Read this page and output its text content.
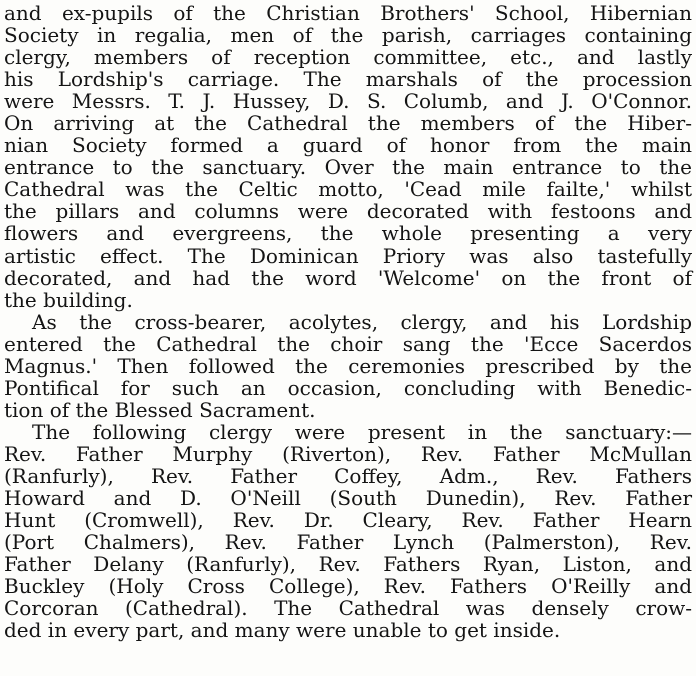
and ex-pupils of the Christian Brothers' School, Hibernian
Society in regalia, men of the parish, carriages containing
clergy, members of reception committee, etc., and lastly
his Lordship's carriage. The marshals of the procession
were Messrs. T. J. Hussey, D. S. Columb, and J. O'Connor.
On arriving at the Cathedral the members of the Hiber-
nian Society formed a guard of honor from the main
entrance to the sanctuary. Over the main entrance to the
Cathedral was the Celtic motto, 'Cead mile failte,' whilst
the pillars and columns were decorated with festoons and
flowers and evergreens, the whole presenting a very
artistic effect. The Dominican Priory was also tastefully
decorated, and had the word 'Welcome' on the front of
the building.
As the cross-bearer, acolytes, clergy, and his Lordship
entered the Cathedral the choir sang the 'Ecce Sacerdos
Magnus.' Then followed the ceremonies prescribed by the
Pontifical for such an occasion, concluding with Benedic-
tion of the Blessed Sacrament.
The following clergy were present in the sanctuary:—
Rev. Father Murphy (Riverton), Rev. Father McMullan
(Ranfurly), Rev. Father Coffey, Adm., Rev. Fathers
Howard and D. O'Neill (South Dunedin), Rev. Father
Hunt (Cromwell), Rev. Dr. Cleary, Rev. Father Hearn
(Port Chalmers), Rev. Father Lynch (Palmerston), Rev.
Father Delany (Ranfurly), Rev. Fathers Ryan, Liston, and
Buckley (Holy Cross College), Rev. Fathers O'Reilly and
Corcoran (Cathedral). The Cathedral was densely crow-
ded in every part, and many were unable to get inside.
